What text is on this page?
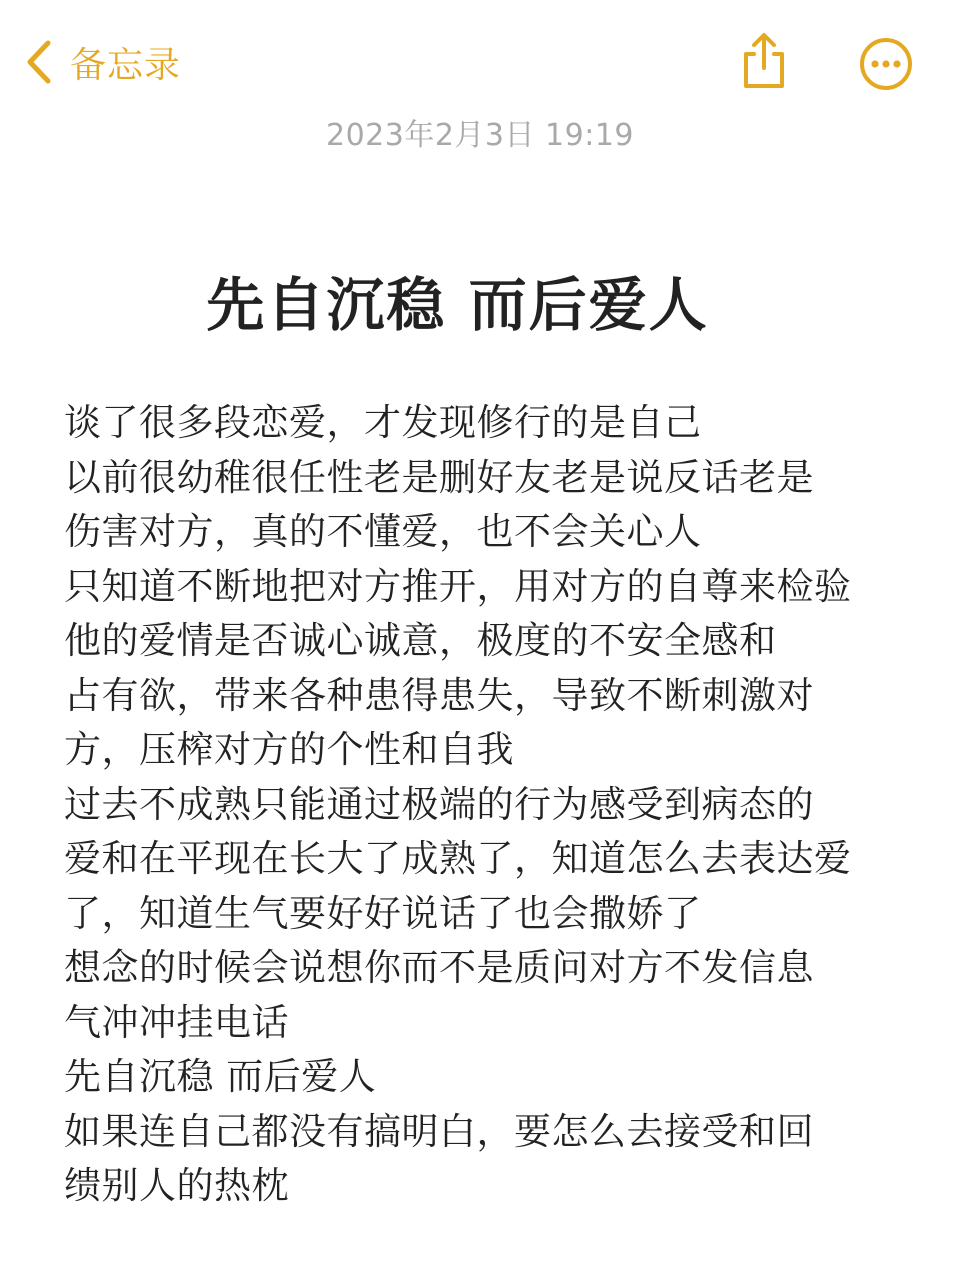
备忘录
2023年2月3日 19:19
先自沉稳 而后爱人
谈了很多段恋爱，才发现修行的是自己
以前很幼稚很任性老是删好友老是说反话老是
伤害对方，真的不懂爱，也不会关心人
只知道不断地把对方推开，用对方的自尊来检验
他的爱情是否诚心诚意，极度的不安全感和
占有欲，带来各种患得患失，导致不断刺激对
方，压榨对方的个性和自我
过去不成熟只能通过极端的行为感受到病态的
爱和在平现在长大了成熟了，知道怎么去表达爱
了，知道生气要好好说话了也会撒娇了
想念的时候会说想你而不是质问对方不发信息
气冲冲挂电话
先自沉稳 而后爱人
如果连自己都没有搞明白，要怎么去接受和回
缋别人的热枕
